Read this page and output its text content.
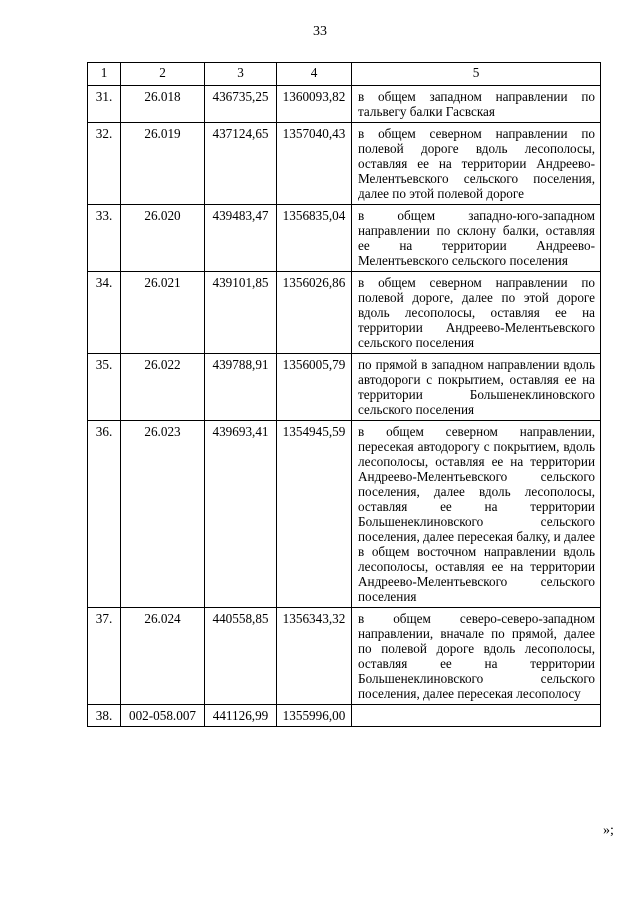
33
1	2	3	4	5
31.	26.018	436735,25	1360093,82	в общем западном направлении по тальвегу балки Гасвская
32.	26.019	437124,65	1357040,43	в общем северном направлении по полевой дороге вдоль лесополосы, оставляя ее на территории Андреево-Мелентьевского сельского поселения, далее по этой полевой дороге
33.	26.020	439483,47	1356835,04	в общем западно-юго-западном направлении по склону балки, оставляя ее на территории Андреево-Мелентьевского сельского поселения
34.	26.021	439101,85	1356026,86	в общем северном направлении по полевой дороге, далее по этой дороге вдоль лесополосы, оставляя ее на территории Андреево-Мелентьевского сельского поселения
35.	26.022	439788,91	1356005,79	по прямой в западном направлении вдоль автодороги с покрытием, оставляя ее на территории Большенеклиновского сельского поселения
36.	26.023	439693,41	1354945,59	в общем северном направлении, пересекая автодорогу с покрытием, вдоль лесополосы, оставляя ее на территории Андреево-Мелентьевского сельского поселения, далее вдоль лесополосы, оставляя ее на территории Большенеклиновского сельского поселения, далее пересекая балку, и далее в общем восточном направлении вдоль лесополосы, оставляя ее на территории Андреево-Мелентьевского сельского поселения
37.	26.024	440558,85	1356343,32	в общем северо-северо-западном направлении, вначале по прямой, далее по полевой дороге вдоль лесополосы, оставляя ее на территории Большенеклиновского сельского поселения, далее пересекая лесополосу
38.	002-058.007	441126,99	1355996,00	
»;
